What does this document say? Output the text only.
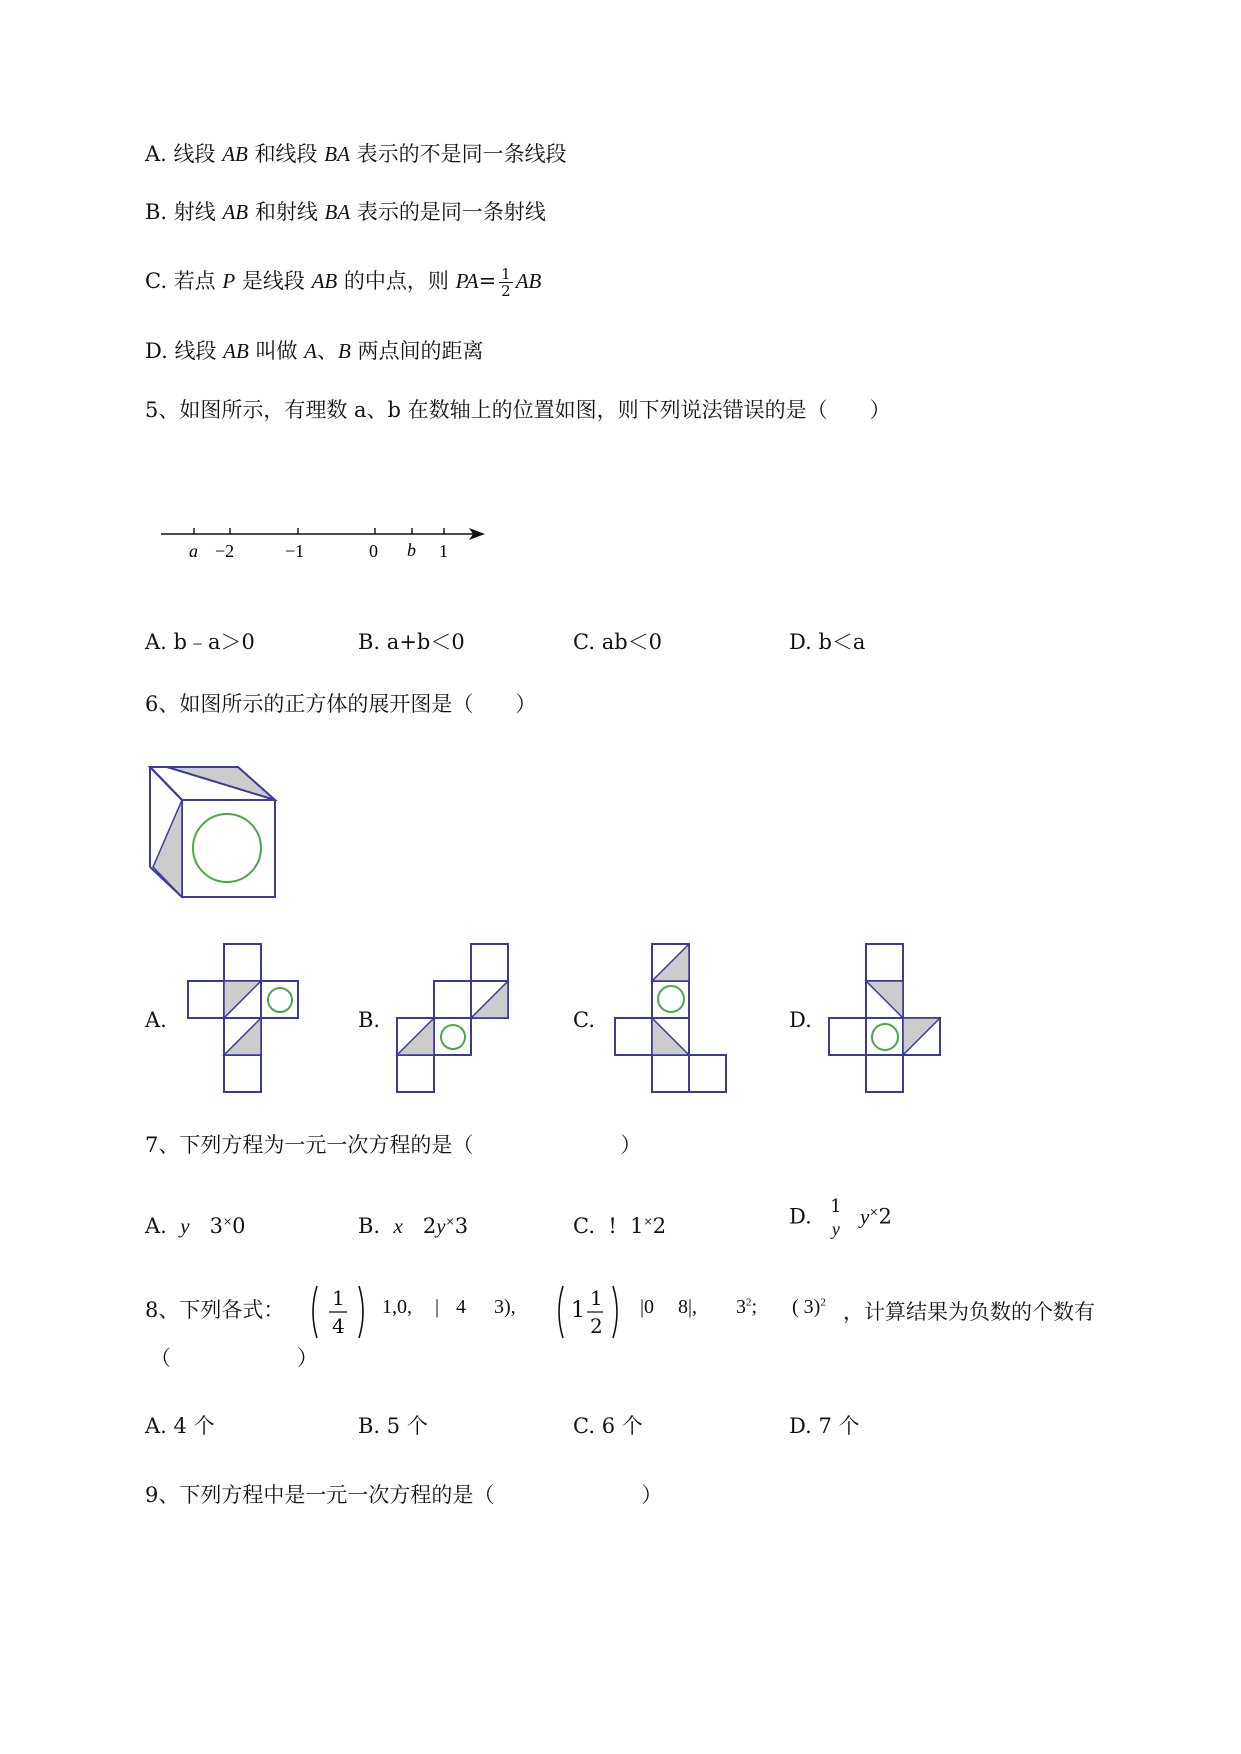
A. 线段 AB 和线段 BA 表示的不是同一条线段
B. 射线 AB 和射线 BA 表示的是同一条射线
C. 若点 P 是线段 AB 的中点，则 $PA= \frac{1}{2}$ AB
D. 线段 AB 叫做 A、B 两点间的距离
5、如图所示，有理数 a、b 在数轴上的位置如图，则下列说法错误的是（　　）
a −2	−1	0 b 1
A. b﹣a＞0	B. a+b＜0	C. ab＜0	D. b＜a
6、如图所示的正方体的展开图是（　　）
A.	B.	C.	D.
7、下列方程为一元一次方程的是（　　　　　　　）
A. y 3×0	B. x 2y×3	C. ! 1×2	D. 1
y
y×2
8、下列各式： 1
4
1,0, | 4 3),	1 1
2
|0 8|, $3^2$; ( 3)$^2$ ，计算结果为负数的个数有
（　　　　　　）
A. 4 个	B. 5 个	C. 6 个	D. 7 个
9、下列方程中是一元一次方程的是（　　　　　　　）
